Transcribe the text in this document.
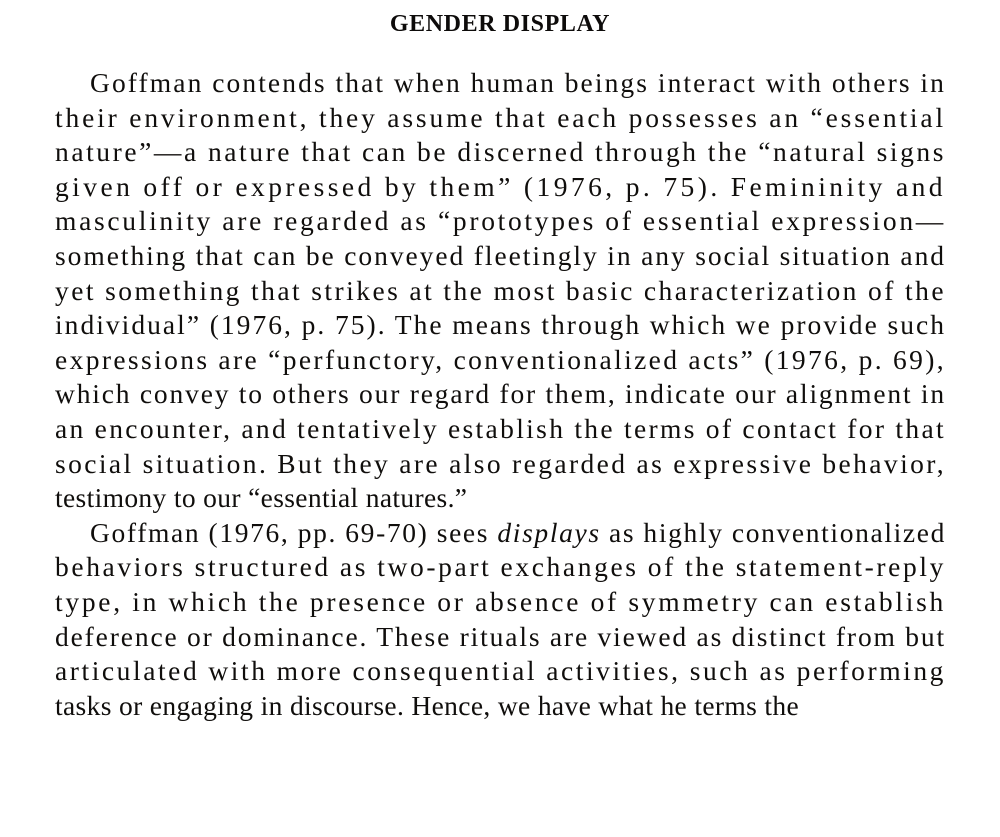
GENDER DISPLAY
Goffman contends that when human beings interact with others in
their environment, they assume that each possesses an “essential
nature”—a nature that can be discerned through the “natural signs
given off or expressed by them” (1976, p. 75). Femininity and
masculinity are regarded as “prototypes of essential expression—
something that can be conveyed fleetingly in any social situation and
yet something that strikes at the most basic characterization of the
individual” (1976, p. 75). The means through which we provide such
expressions are “perfunctory, conventionalized acts” (1976, p. 69),
which convey to others our regard for them, indicate our alignment in
an encounter, and tentatively establish the terms of contact for that
social situation. But they are also regarded as expressive behavior,
testimony to our “essential natures.”
Goffman (1976, pp. 69-70) sees displays as highly conventionalized
behaviors structured as two-part exchanges of the statement-reply
type, in which the presence or absence of symmetry can establish
deference or dominance. These rituals are viewed as distinct from but
articulated with more consequential activities, such as performing
tasks or engaging in discourse. Hence, we have what he terms the
